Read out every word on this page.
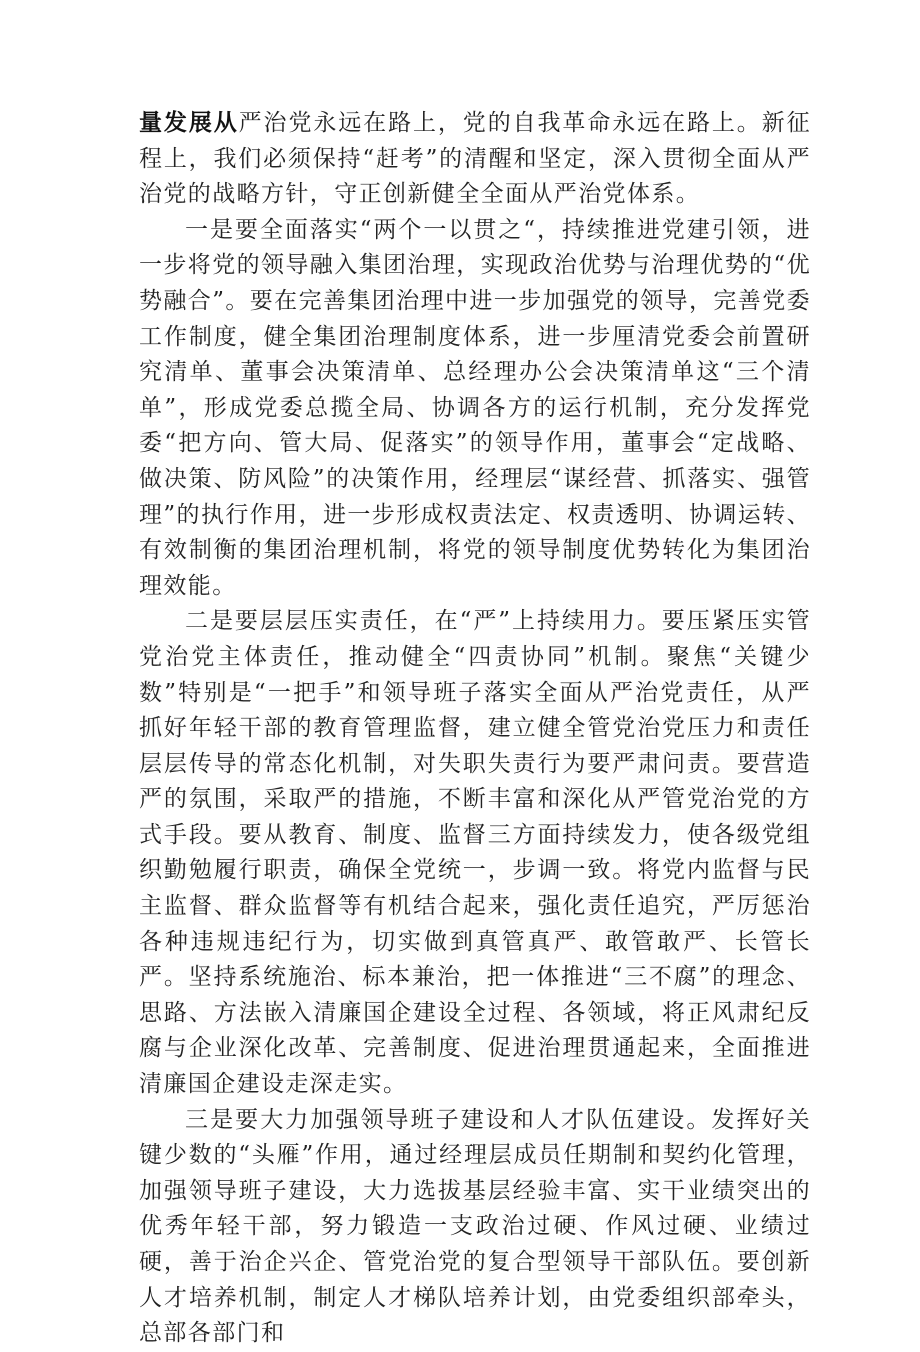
量发展从严治党永远在路上，党的自我革命永远在路上。新征程上，我们必须保持“赶考”的清醒和坚定，深入贯彻全面从严治党的战略方针，守正创新健全全面从严治党体系。

一是要全面落实“两个一以贯之“，持续推进党建引领，进一步将党的领导融入集团治理，实现政治优势与治理优势的“优势融合”。要在完善集团治理中进一步加强党的领导，完善党委工作制度，健全集团治理制度体系，进一步厘清党委会前置研究清单、董事会决策清单、总经理办公会决策清单这“三个清单”，形成党委总揽全局、协调各方的运行机制，充分发挥党委“把方向、管大局、促落实”的领导作用，董事会“定战略、做决策、防风险”的决策作用，经理层“谋经营、抓落实、强管理”的执行作用，进一步形成权责法定、权责透明、协调运转、有效制衡的集团治理机制，将党的领导制度优势转化为集团治理效能。

二是要层层压实责任，在“严”上持续用力。要压紧压实管党治党主体责任，推动健全“四责协同”机制。聚焦“关键少数”特别是“一把手”和领导班子落实全面从严治党责任，从严抓好年轻干部的教育管理监督，建立健全管党治党压力和责任层层传导的常态化机制，对失职失责行为要严肃问责。要营造严的氛围，采取严的措施，不断丰富和深化从严管党治党的方式手段。要从教育、制度、监督三方面持续发力，使各级党组织勤勉履行职责，确保全党统一，步调一致。将党内监督与民主监督、群众监督等有机结合起来，强化责任追究，严厉惩治各种违规违纪行为，切实做到真管真严、敢管敢严、长管长严。坚持系统施治、标本兼治，把一体推进“三不腐”的理念、思路、方法嵌入清廉国企建设全过程、各领域，将正风肃纪反腐与企业深化改革、完善制度、促进治理贯通起来，全面推进清廉国企建设走深走实。

三是要大力加强领导班子建设和人才队伍建设。发挥好关键少数的“头雁”作用，通过经理层成员任期制和契约化管理，加强领导班子建设，大力选拔基层经验丰富、实干业绩突出的优秀年轻干部，努力锻造一支政治过硬、作风过硬、业绩过硬，善于治企兴企、管党治党的复合型领导干部队伍。要创新人才培养机制，制定人才梯队培养计划，由党委组织部牵头，总部各部门和
